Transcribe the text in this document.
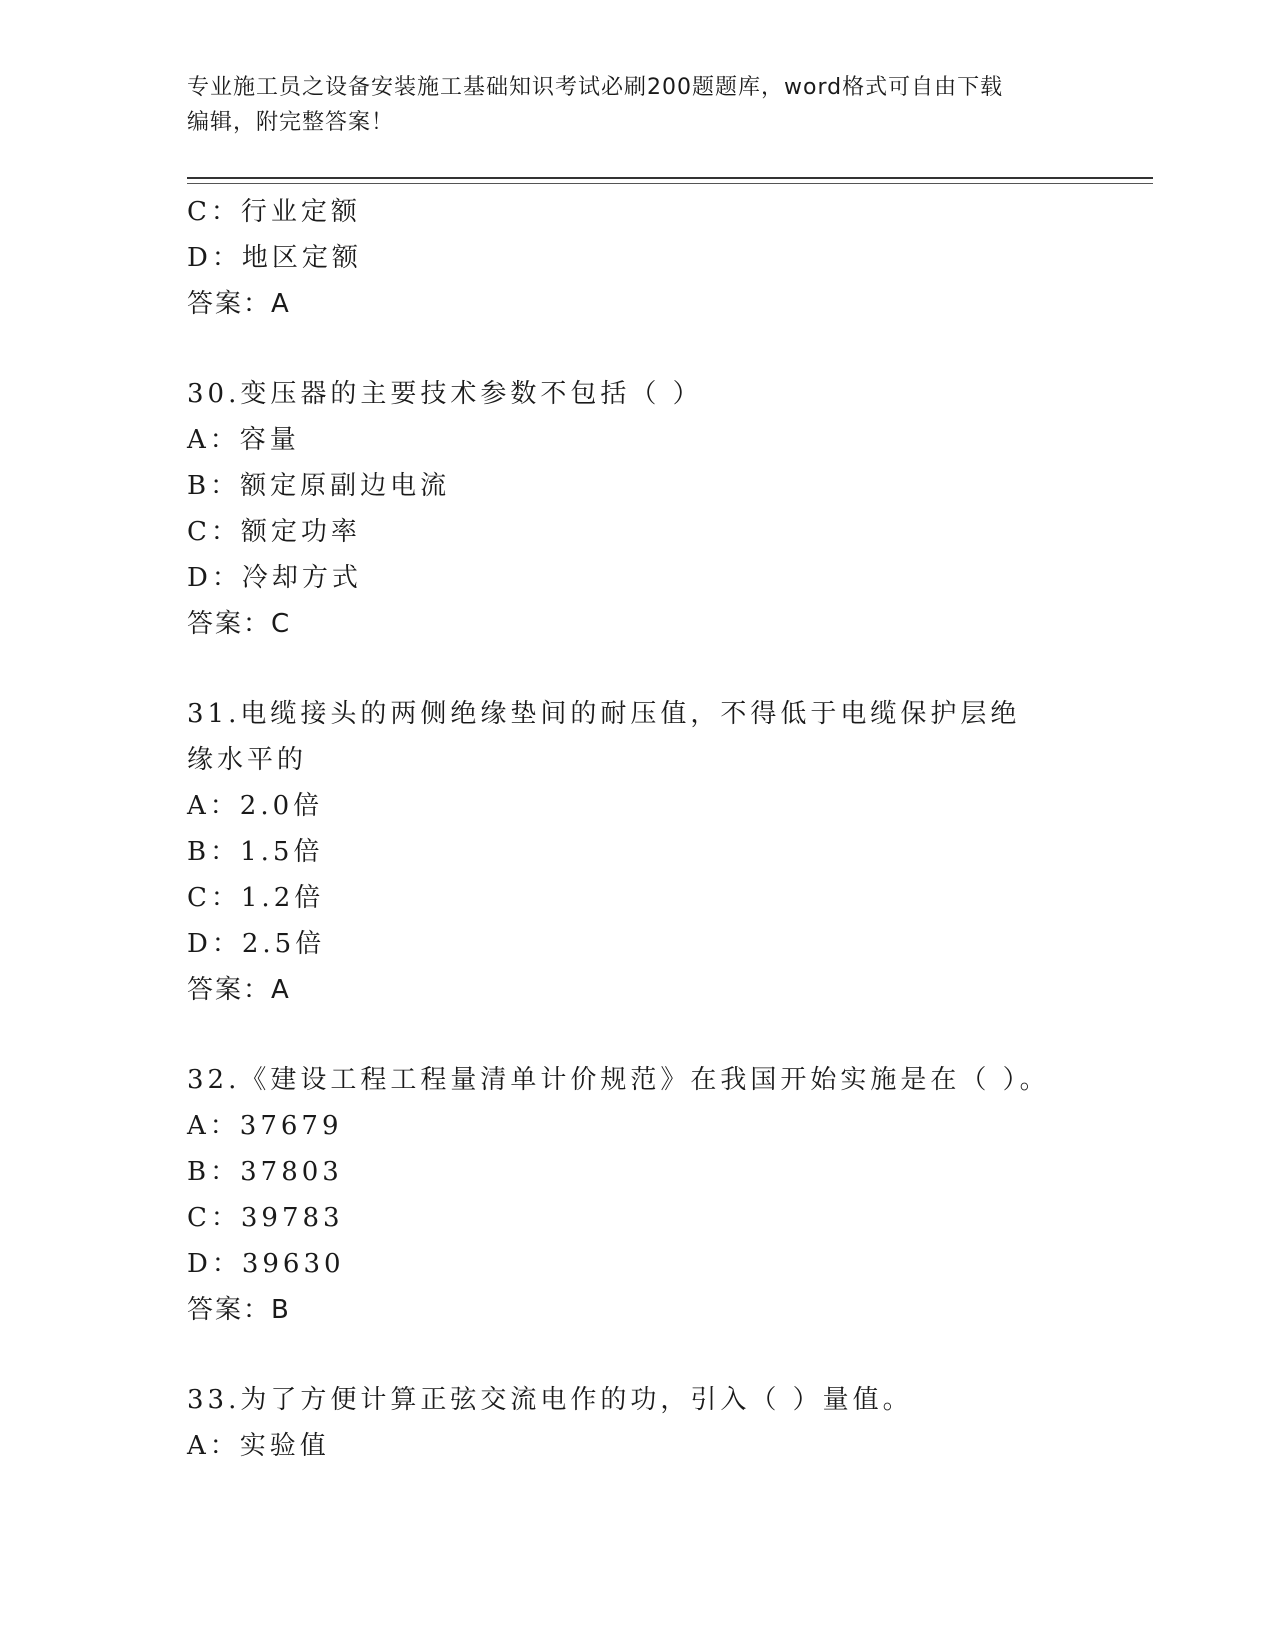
专业施工员之设备安装施工基础知识考试必刷200题题库，word格式可自由下载
编辑，附完整答案！
C：行业定额
D：地区定额
答案：A
30.变压器的主要技术参数不包括（ ）
A：容量
B：额定原副边电流
C：额定功率
D：冷却方式
答案：C
31.电缆接头的两侧绝缘垫间的耐压值，不得低于电缆保护层绝缘水平的
A：2.0倍
B：1.5倍
C：1.2倍
D：2.5倍
答案：A
32.《建设工程工程量清单计价规范》在我国开始实施是在（ ）。
A：37679
B：37803
C：39783
D：39630
答案：B
33.为了方便计算正弦交流电作的功，引入（ ）量值。
A：实验值
